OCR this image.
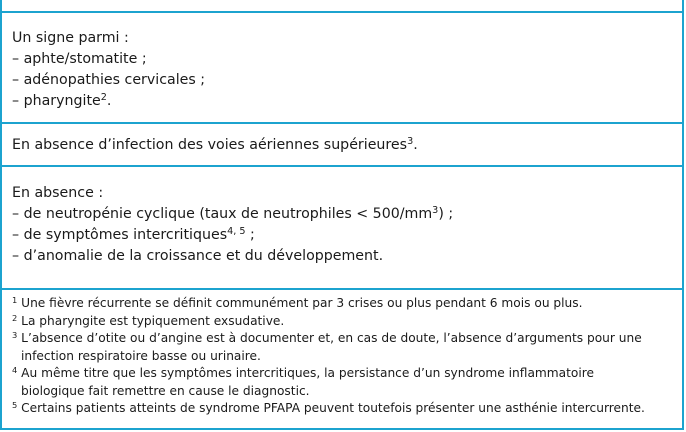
Un signe parmi :
– aphte/stomatite ;
– adénopathies cervicales ;
– pharyngite$^2$.
En absence d’infection des voies aériennes supérieures$^3$.
En absence :
– de neutropénie cyclique (taux de neutrophiles < $500/mm^3$) ;
– de symptômes intercritiques$^{4, 5}$ ;
– d’anomalie de la croissance et du développement.
$^1$ Une fièvre récurrente se définit communément par 3 crises ou plus pendant 6 mois ou plus.
$^2$ La pharyngite est typiquement exsudative.
$^3$ L’absence d’otite ou d’angine est à documenter et, en cas de doute, l’absence d’arguments pour une
infection respiratoire basse ou urinaire.
$^4$ Au même titre que les symptômes intercritiques, la persistance d’un syndrome inflammatoire
biologique fait remettre en cause le diagnostic.
$^5$ Certains patients atteints de syndrome PFAPA peuvent toutefois présenter une asthénie intercurrente.
